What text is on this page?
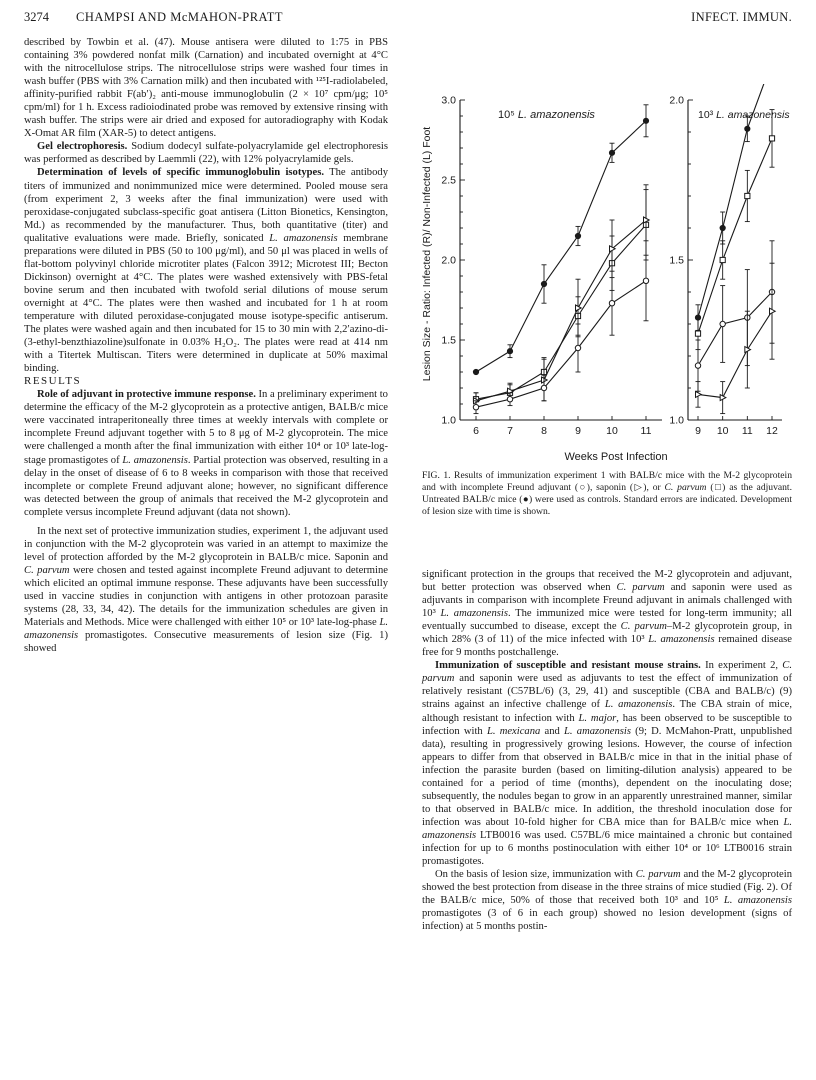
3274 CHAMPSI AND McMAHON-PRATT	INFECT. IMMUN.

described by Towbin et al. (47). Mouse antisera were diluted to 1:75 in PBS containing 3% powdered nonfat milk (Carnation) and incubated overnight at 4°C with the nitrocellulose strips. The nitrocellulose strips were washed four times in wash buffer (PBS with 3% Carnation milk) and then incubated with ¹²⁵I-radiolabeled, affinity-purified rabbit F(ab′)₂ anti-mouse immunoglobulin (2 × 10⁷ cpm/μg; 10⁵ cpm/ml) for 1 h. Excess radioiodinated probe was removed by extensive rinsing with wash buffer. The strips were air dried and exposed for autoradiography with Kodak X-Omat AR film (XAR-5) to detect antigens.

Gel electrophoresis. Sodium dodecyl sulfate-polyacrylamide gel electrophoresis was performed as described by Laemmli (22), with 12% polyacrylamide gels.

Determination of levels of specific immunoglobulin isotypes. The antibody titers of immunized and nonimmunized mice were determined. Pooled mouse sera (from experiment 2, 3 weeks after the final immunization) were used with peroxidase-conjugated subclass-specific goat antisera (Litton Bionetics, Kensington, Md.) as recommended by the manufacturer. Thus, both quantitative (titer) and qualitative evaluations were made. Briefly, sonicated L. amazonensis membrane preparations were diluted in PBS (50 to 100 μg/ml), and 50 μl was placed in wells of flat-bottom polyvinyl chloride microtiter plates (Falcon 3912; Microtest III; Becton Dickinson) overnight at 4°C. The plates were washed extensively with PBS-fetal bovine serum and then incubated with twofold serial dilutions of mouse serum overnight at 4°C. The plates were then washed and incubated for 1 h at room temperature with diluted peroxidase-conjugated mouse isotype-specific antiserum. The plates were washed again and then incubated for 15 to 30 min with 2,2′azino-di-(3-ethyl-benzthiazoline)sulfonate in 0.03% H₂O₂. The plates were read at 414 nm with a Titertek Multiscan. Titers were determined in duplicate at 50% maximal binding.

RESULTS

Role of adjuvant in protective immune response. In a preliminary experiment to determine the efficacy of the M-2 glycoprotein as a protective antigen, BALB/c mice were vaccinated intraperitoneally three times at weekly intervals with complete or incomplete Freund adjuvant together with 5 to 8 μg of M-2 glycoprotein. The mice were challenged a month after the final immunization with either 10⁴ or 10³ late-log-stage promastigotes of L. amazonensis. Partial protection was observed, resulting in a delay in the onset of disease of 6 to 8 weeks in comparison with those that received incomplete or complete Freund adjuvant alone; however, no significant difference was detected between the group of animals that received the M-2 glycoprotein and complete versus incomplete Freund adjuvant (data not shown).

In the next set of protective immunization studies, experiment 1, the adjuvant used in conjunction with the M-2 glycoprotein was varied in an attempt to maximize the level of protection afforded by the M-2 glycoprotein in BALB/c mice. Saponin and C. parvum were chosen and tested against incomplete Freund adjuvant to determine which elicited an optimal immune response. These adjuvants have been successfully used in vaccine studies in conjunction with antigens in other protozoan parasite systems (28, 33, 34, 42). The details for the immunization schedules are given in Materials and Methods. Mice were challenged with either 10⁵ or 10³ late-log-phase L. amazonensis promastigotes. Consecutive measurements of lesion size (Fig. 1) showed

1.0
1.5
2.0
2.5
3.0
6	7	8	9 10 11
1.0
1.5
2.0
9 10 11 12
Lesion Size - Ratio: Infected (R)/ Non-Infected (L) Foot
10⁵ L. amazonensis	10³ L. amazonensis
Weeks Post Infection
FIG. 1. Results of immunization experiment 1 with BALB/c mice with the M-2 glycoprotein and with incomplete Freund adjuvant (○), saponin (▷), or C. parvum (□) as the adjuvant. Untreated BALB/c mice (●) were used as controls. Standard errors are indicated. Development of lesion size with time is shown.

significant protection in the groups that received the M-2 glycoprotein and adjuvant, but better protection was observed when C. parvum and saponin were used as adjuvants in comparison with incomplete Freund adjuvant in animals challenged with 10³ L. amazonensis. The immunized mice were tested for long-term immunity; all eventually succumbed to disease, except the C. parvum–M-2 glycoprotein group, in which 28% (3 of 11) of the mice infected with 10³ L. amazonensis remained disease free for 9 months postchallenge.

Immunization of susceptible and resistant mouse strains. In experiment 2, C. parvum and saponin were used as adjuvants to test the effect of immunization of relatively resistant (C57BL/6) (3, 29, 41) and susceptible (CBA and BALB/c) (9) strains against an infective challenge of L. amazonensis. The CBA strain of mice, although resistant to infection with L. major, has been observed to be susceptible to infection with L. mexicana and L. amazonensis (9; D. McMahon-Pratt, unpublished data), resulting in progressively growing lesions. However, the course of infection appears to differ from that observed in BALB/c mice in that in the initial phase of infection the parasite burden (based on limiting-dilution analysis) appeared to be contained for a period of time (months), dependent on the inoculating dose; subsequently, the nodules began to grow in an apparently unrestrained manner, similar to that observed in BALB/c mice. In addition, the threshold inoculation dose for infection was about 10-fold higher for CBA mice than for BALB/c mice when L. amazonensis LTB0016 was used. C57BL/6 mice maintained a chronic but contained infection for up to 6 months postinoculation with either 10⁴ or 10⁶ LTB0016 strain promastigotes.

On the basis of lesion size, immunization with C. parvum and the M-2 glycoprotein showed the best protection from disease in the three strains of mice studied (Fig. 2). Of the BALB/c mice, 50% of those that received both 10³ and 10⁵ L. amazonensis promastigotes (3 of 6 in each group) showed no lesion development (signs of infection) at 5 months postin-
